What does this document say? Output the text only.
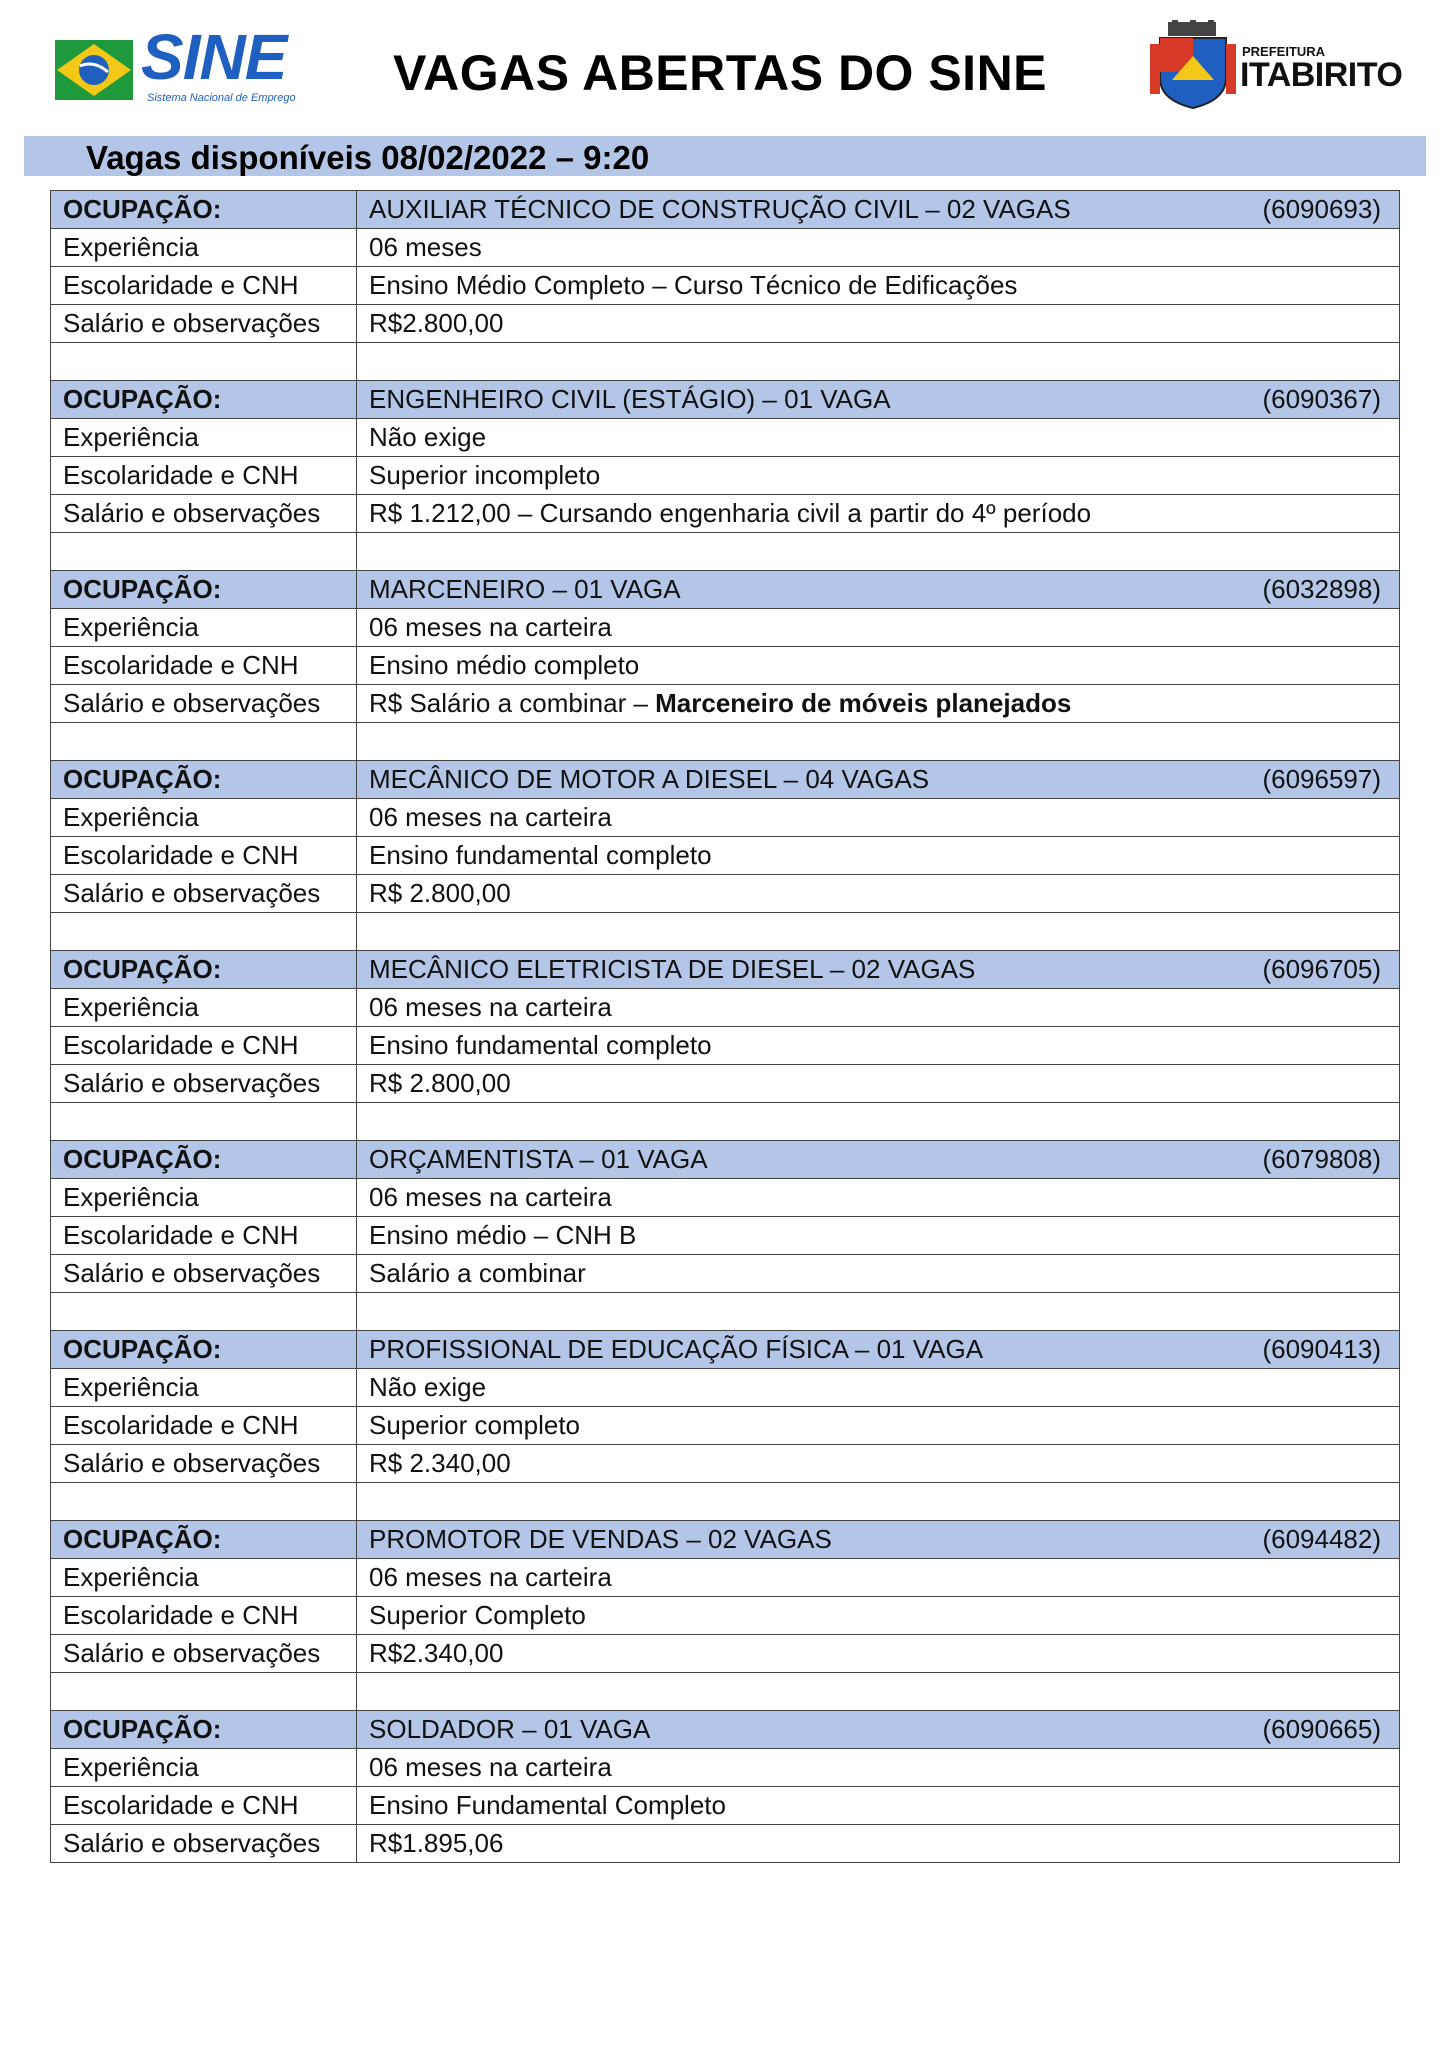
SINE
Sistema Nacional de Emprego	VAGAS ABERTAS DO SINE	PREFEITURA
ITABIRITO
Vagas disponíveis 08/02/2022 – 9:20
OCUPAÇÃO:	AUXILIAR TÉCNICO DE CONSTRUÇÃO CIVIL – 02 VAGAS (6090693)

Experiência	06 meses
Escolaridade e CNH	Ensino Médio Completo – Curso Técnico de Edificações
Salário e observações	R$2.800,00

OCUPAÇÃO:	ENGENHEIRO CIVIL (ESTÁGIO) – 01 VAGA (6090367)

Experiência	Não exige
Escolaridade e CNH	Superior incompleto
Salário e observações	R$ 1.212,00 – Cursando engenharia civil a partir do 4º período

OCUPAÇÃO:	MARCENEIRO – 01 VAGA (6032898)

Experiência	06 meses na carteira
Escolaridade e CNH	Ensino médio completo
Salário e observações	R$ Salário a combinar – Marceneiro de móveis planejados

OCUPAÇÃO:	MECÂNICO DE MOTOR A DIESEL – 04 VAGAS (6096597)

Experiência	06 meses na carteira
Escolaridade e CNH	Ensino fundamental completo
Salário e observações	R$ 2.800,00

OCUPAÇÃO:	MECÂNICO ELETRICISTA DE DIESEL – 02 VAGAS (6096705)

Experiência	06 meses na carteira
Escolaridade e CNH	Ensino fundamental completo
Salário e observações	R$ 2.800,00

OCUPAÇÃO:	ORÇAMENTISTA – 01 VAGA (6079808)

Experiência	06 meses na carteira
Escolaridade e CNH	Ensino médio – CNH B
Salário e observações	Salário a combinar

OCUPAÇÃO:	PROFISSIONAL DE EDUCAÇÃO FÍSICA – 01 VAGA (6090413)

Experiência	Não exige
Escolaridade e CNH	Superior completo
Salário e observações	R$ 2.340,00

OCUPAÇÃO:	PROMOTOR DE VENDAS – 02 VAGAS (6094482)

Experiência	06 meses na carteira
Escolaridade e CNH	Superior Completo
Salário e observações	R$2.340,00

OCUPAÇÃO:	SOLDADOR – 01 VAGA (6090665)

Experiência	06 meses na carteira
Escolaridade e CNH	Ensino Fundamental Completo
Salário e observações	R$1.895,06
